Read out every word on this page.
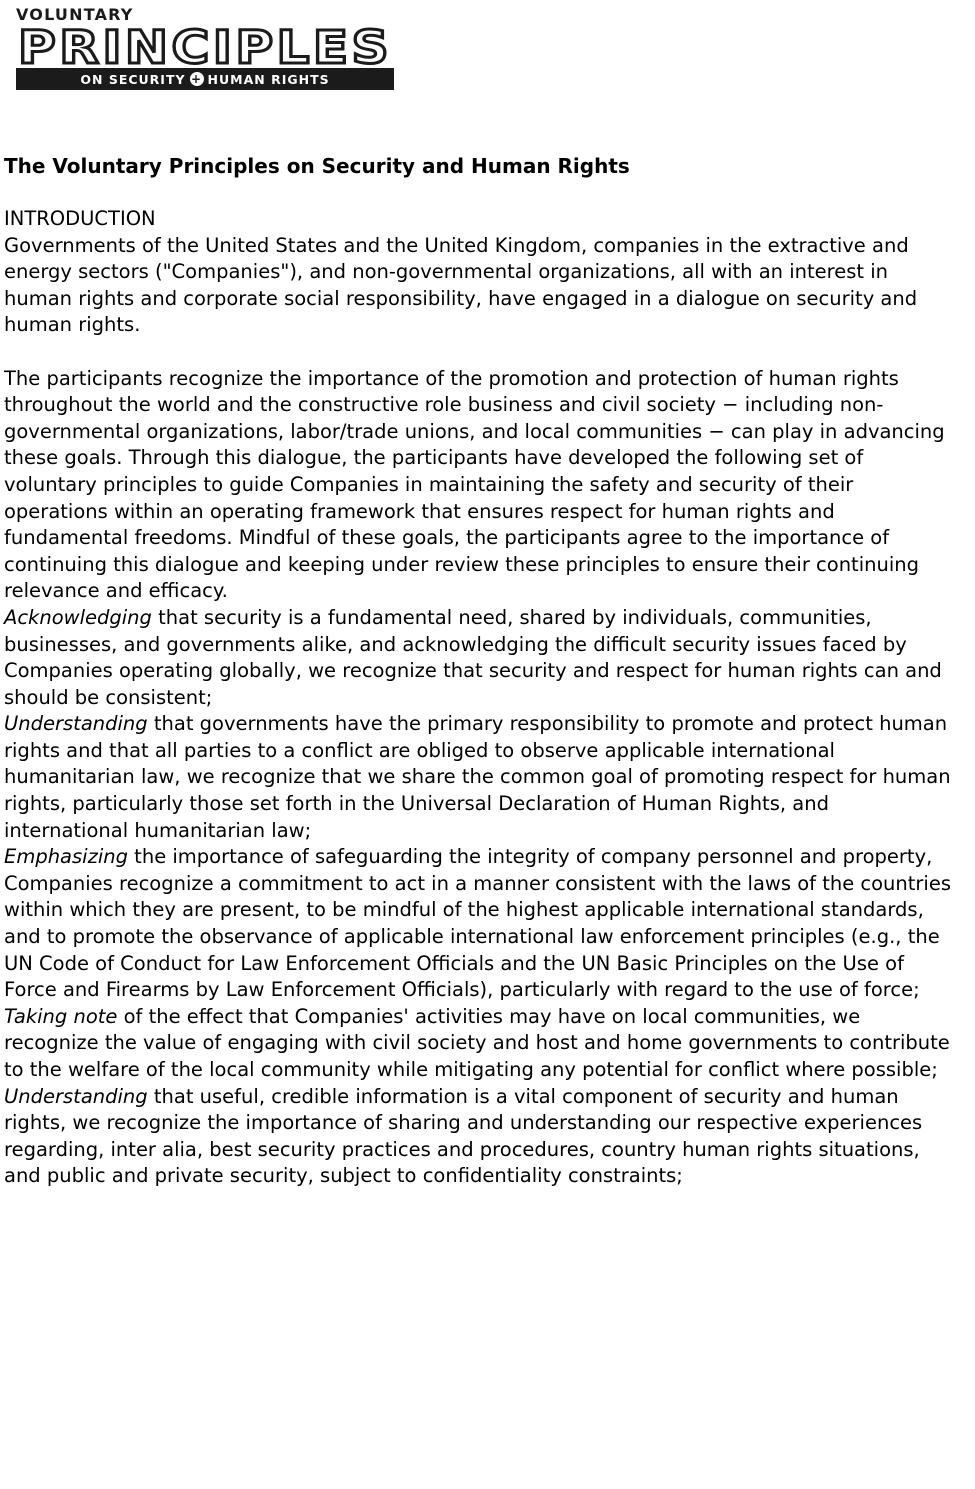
VOLUNTARY
PRINCIPLES
ON SECURITY + HUMAN RIGHTS
The Voluntary Principles on Security and Human Rights
INTRODUCTION

Governments of the United States and the United Kingdom, companies in the extractive and energy sectors ("Companies"), and non-governmental organizations, all with an interest in human rights and corporate social responsibility, have engaged in a dialogue on security and human rights.

The participants recognize the importance of the promotion and protection of human rights throughout the world and the constructive role business and civil society − including non-governmental organizations, labor/trade unions, and local communities − can play in advancing these goals. Through this dialogue, the participants have developed the following set of voluntary principles to guide Companies in maintaining the safety and security of their operations within an operating framework that ensures respect for human rights and fundamental freedoms. Mindful of these goals, the participants agree to the importance of continuing this dialogue and keeping under review these principles to ensure their continuing relevance and efficacy.

Acknowledging that security is a fundamental need, shared by individuals, communities, businesses, and governments alike, and acknowledging the difficult security issues faced by Companies operating globally, we recognize that security and respect for human rights can and should be consistent;

Understanding that governments have the primary responsibility to promote and protect human rights and that all parties to a conflict are obliged to observe applicable international humanitarian law, we recognize that we share the common goal of promoting respect for human rights, particularly those set forth in the Universal Declaration of Human Rights, and international humanitarian law;

Emphasizing the importance of safeguarding the integrity of company personnel and property, Companies recognize a commitment to act in a manner consistent with the laws of the countries within which they are present, to be mindful of the highest applicable international standards, and to promote the observance of applicable international law enforcement principles (e.g., the UN Code of Conduct for Law Enforcement Officials and the UN Basic Principles on the Use of Force and Firearms by Law Enforcement Officials), particularly with regard to the use of force;

Taking note of the effect that Companies' activities may have on local communities, we recognize the value of engaging with civil society and host and home governments to contribute to the welfare of the local community while mitigating any potential for conflict where possible;

Understanding that useful, credible information is a vital component of security and human rights, we recognize the importance of sharing and understanding our respective experiences regarding, inter alia, best security practices and procedures, country human rights situations, and public and private security, subject to confidentiality constraints;
